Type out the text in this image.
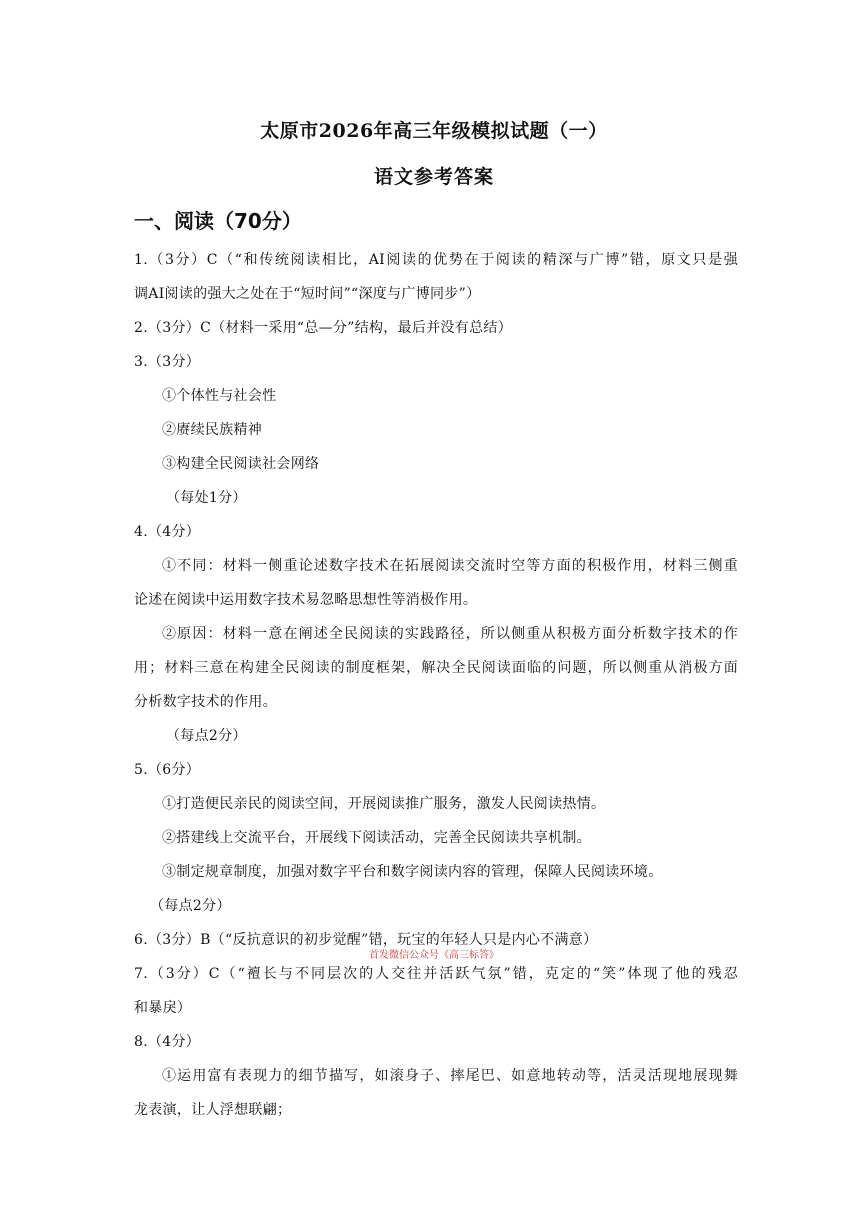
太原市2026年高三年级模拟试题（一）
语文参考答案
一、阅读（70分）
1.（3分）C（“和传统阅读相比，AI阅读的优势在于阅读的精深与广博”错，原文只是强
调AI阅读的强大之处在于“短时间”“深度与广博同步”）
2.（3分）C（材料一采用“总—分”结构，最后并没有总结）
3.（3分）
①个体性与社会性
②赓续民族精神
③构建全民阅读社会网络
（每处1分）
4.（4分）
①不同：材料一侧重论述数字技术在拓展阅读交流时空等方面的积极作用，材料三侧重
论述在阅读中运用数字技术易忽略思想性等消极作用。
②原因：材料一意在阐述全民阅读的实践路径，所以侧重从积极方面分析数字技术的作
用；材料三意在构建全民阅读的制度框架，解决全民阅读面临的问题，所以侧重从消极方面
分析数字技术的作用。
（每点2分）
5.（6分）
①打造便民亲民的阅读空间，开展阅读推广服务，激发人民阅读热情。
②搭建线上交流平台，开展线下阅读活动，完善全民阅读共享机制。
③制定规章制度，加强对数字平台和数字阅读内容的管理，保障人民阅读环境。
（每点2分）
6.（3分）B（“反抗意识的初步觉醒”错，玩宝的年轻人只是内心不满意）
首发微信公众号《高三标答》
7.（3分）C（“襢长与不同层次的人交往并活跃气氛”错，克定的“笑”体现了他的残忍
和暴戾）
8.（4分）
①运用富有表现力的细节描写，如滚身子、摔尾巴、如意地转动等，活灵活现地展现舞
龙表演，让人浮想联翩；
